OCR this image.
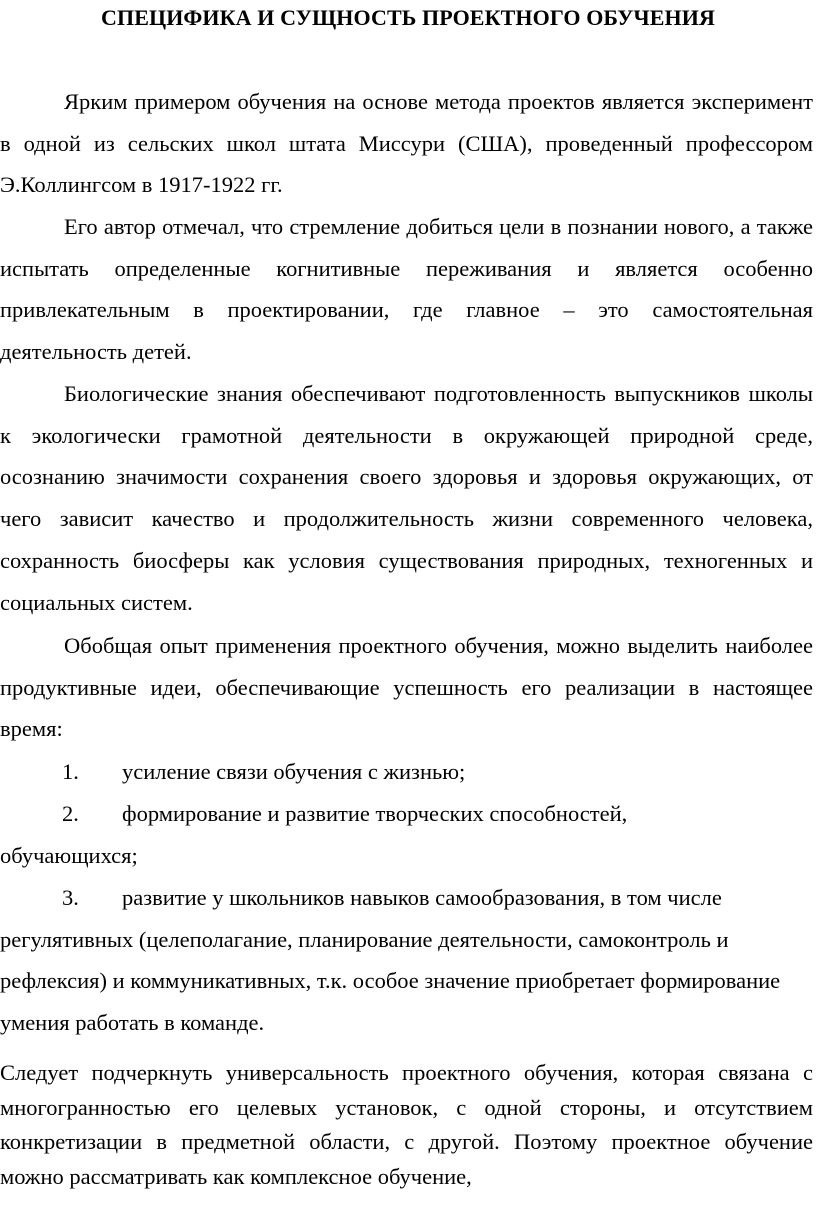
СПЕЦИФИКА И СУЩНОСТЬ ПРОЕКТНОГО ОБУЧЕНИЯ

Ярким примером обучения на основе метода проектов является эксперимент в одной из сельских школ штата Миссури (США), проведенный профессором Э.Коллингсом в 1917-1922 гг.

Его автор отмечал, что стремление добиться цели в познании нового, а также испытать определенные когнитивные переживания и является особенно привлекательным в проектировании, где главное – это самостоятельная деятельность детей.

Биологические знания обеспечивают подготовленность выпускников школы к экологически грамотной деятельности в окружающей природной среде, осознанию значимости сохранения своего здоровья и здоровья окружающих, от чего зависит качество и продолжительность жизни современного человека, сохранность биосферы как условия существования природных, техногенных и социальных систем.

Обобщая опыт применения проектного обучения, можно выделить наиболее продуктивные идеи, обеспечивающие успешность его реализации в настоящее время:

1.	усиление связи обучения с жизнью;
2.	формирование и развитие творческих способностей,
обучающихся;
3.	развитие у школьников навыков самообразования, в том числе
регулятивных (целеполагание, планирование деятельности, самоконтроль и рефлексия) и коммуникативных, т.к. особое значение приобретает формирование умения работать в команде.

Следует подчеркнуть универсальность проектного обучения, которая связана с многогранностью его целевых установок, с одной стороны, и отсутствием конкретизации в предметной области, с другой. Поэтому проектное обучение можно рассматривать как комплексное обучение,
